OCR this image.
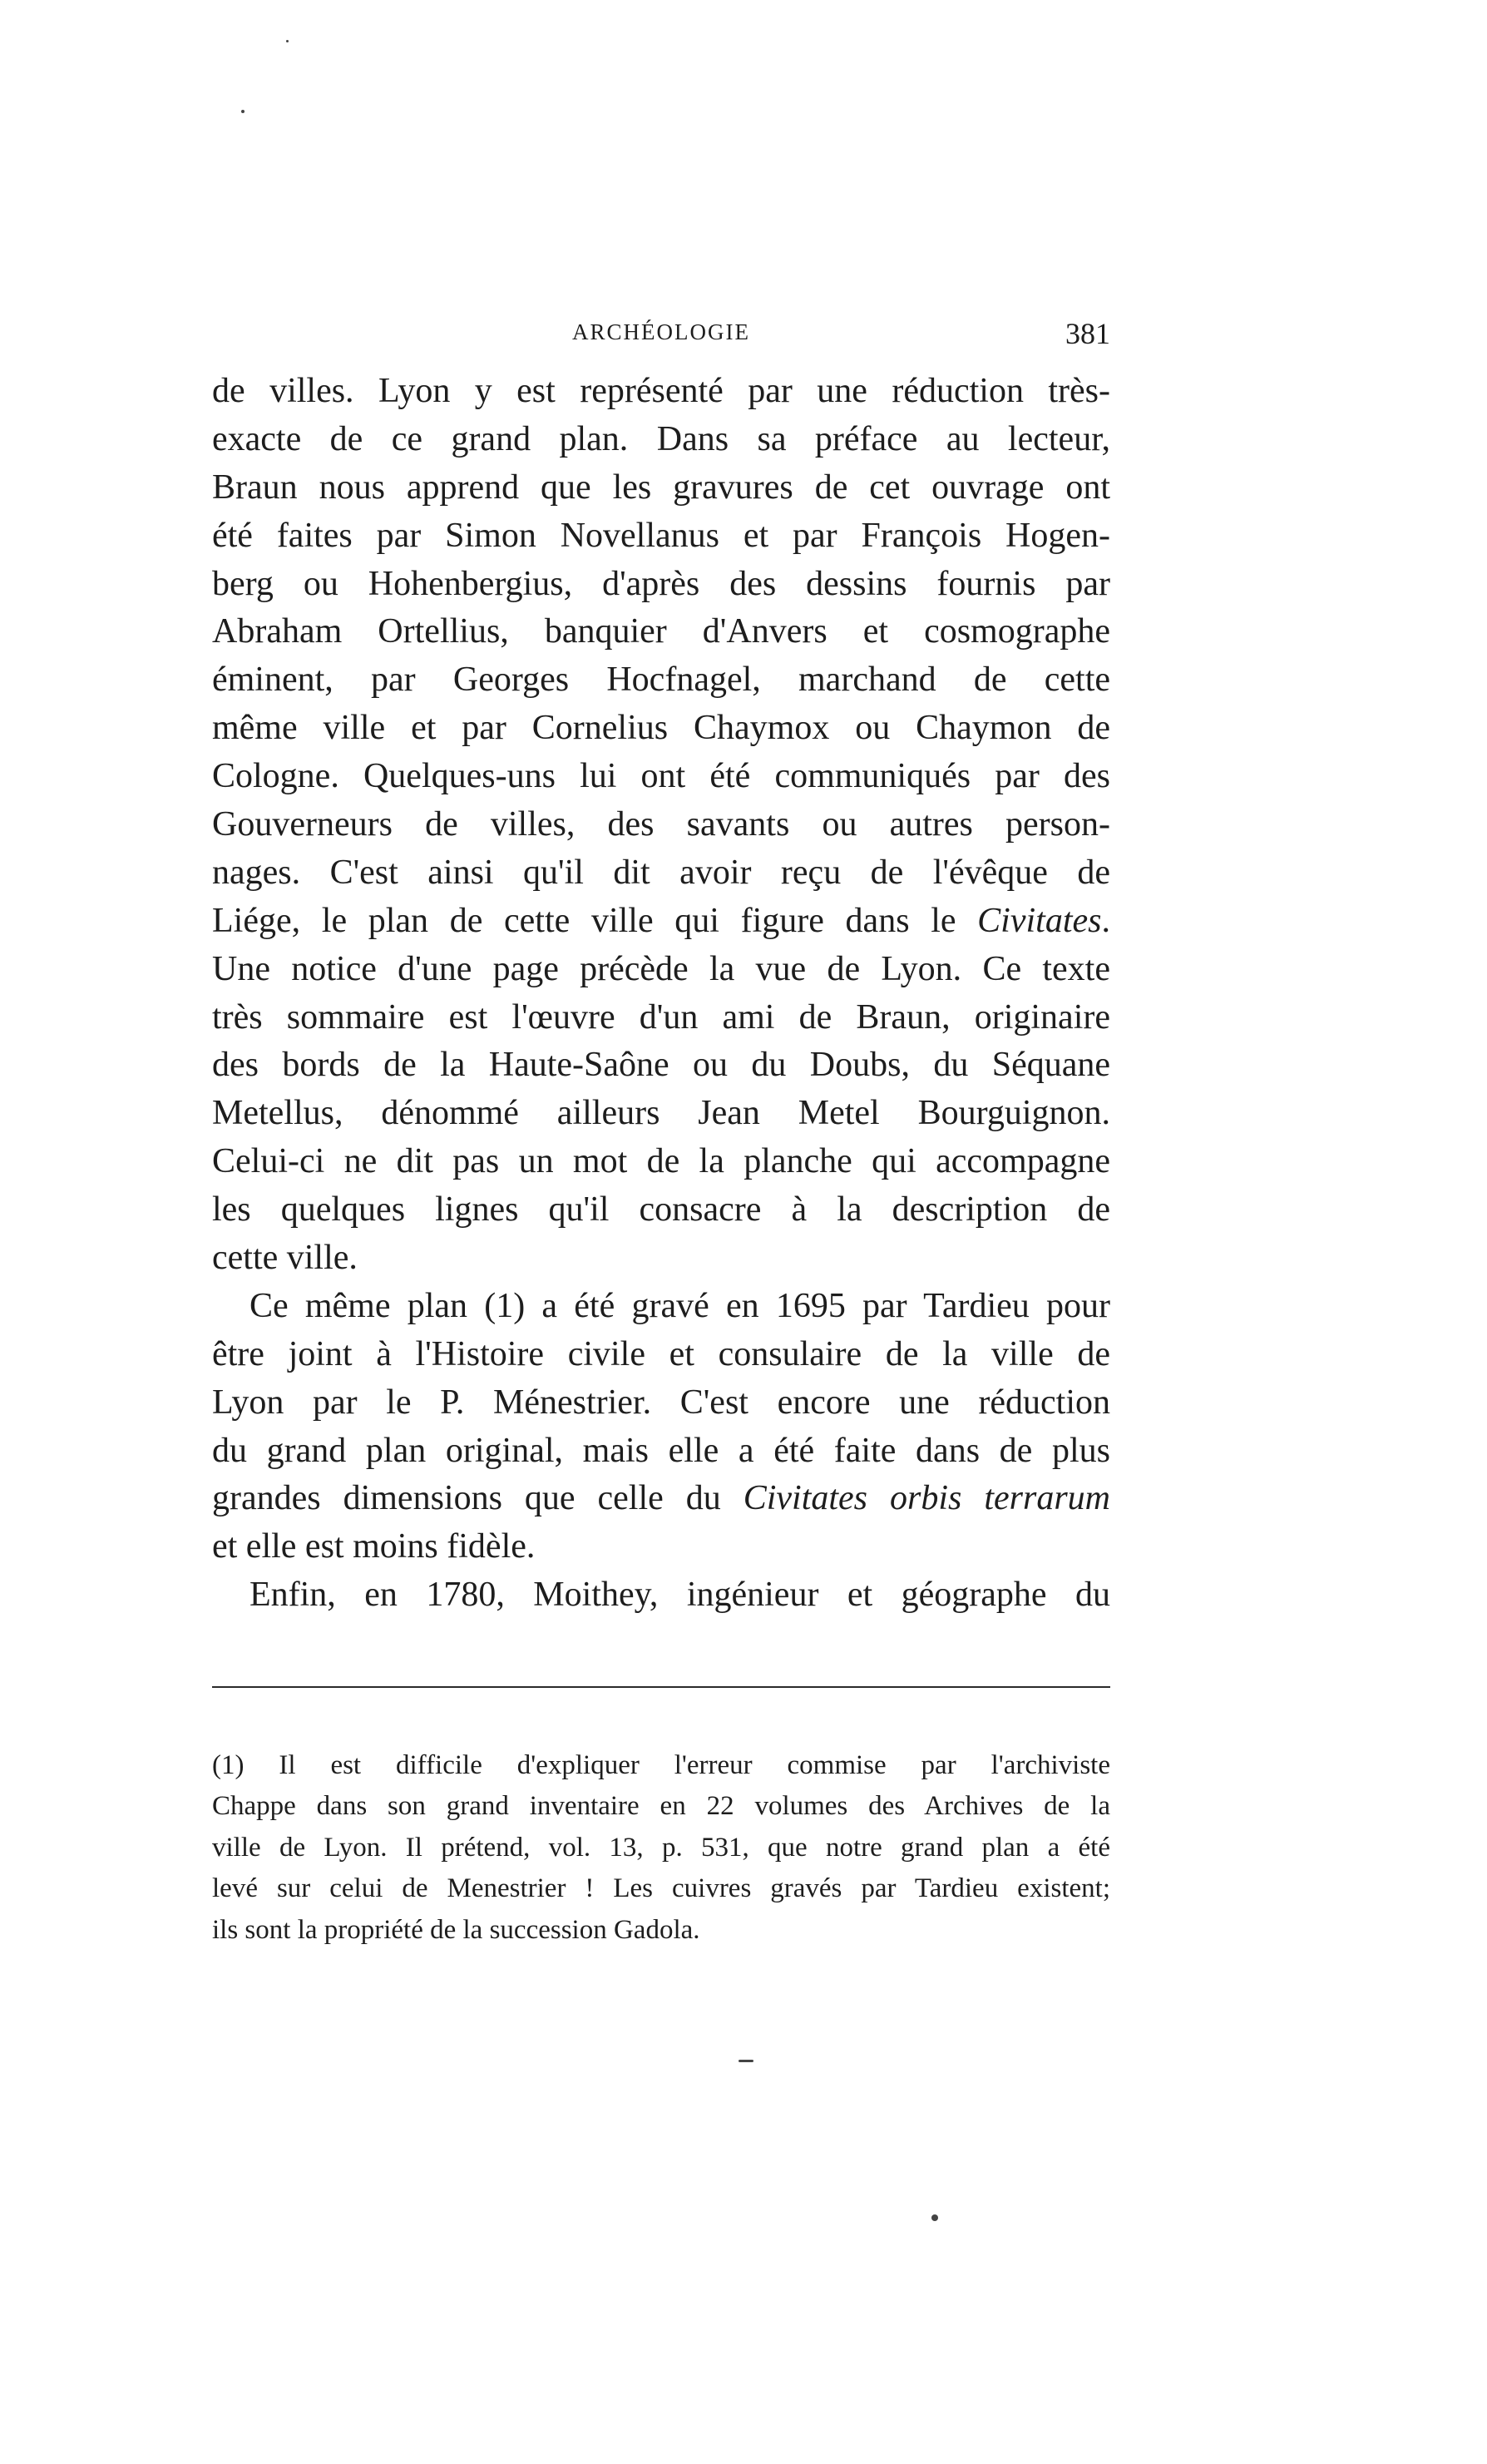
ARCHÉOLOGIE	381
de villes. Lyon y est représenté par une réduction très-
exacte de ce grand plan. Dans sa préface au lecteur,
Braun nous apprend que les gravures de cet ouvrage ont
été faites par Simon Novellanus et par François Hogen-
berg ou Hohenbergius, d'après des dessins fournis par
Abraham Ortellius, banquier d'Anvers et cosmographe
éminent, par Georges Hocfnagel, marchand de cette
même ville et par Cornelius Chaymox ou Chaymon de
Cologne. Quelques-uns lui ont été communiqués par des
Gouverneurs de villes, des savants ou autres person-
nages. C'est ainsi qu'il dit avoir reçu de l'évêque de
Liége, le plan de cette ville qui figure dans le Civitates.
Une notice d'une page précède la vue de Lyon. Ce texte
très sommaire est l'œuvre d'un ami de Braun, originaire
des bords de la Haute-Saône ou du Doubs, du Séquane
Metellus, dénommé ailleurs Jean Metel Bourguignon.
Celui-ci ne dit pas un mot de la planche qui accompagne
les quelques lignes qu'il consacre à la description de
cette ville.
Ce même plan (1) a été gravé en 1695 par Tardieu pour
être joint à l'Histoire civile et consulaire de la ville de
Lyon par le P. Ménestrier. C'est encore une réduction
du grand plan original, mais elle a été faite dans de plus
grandes dimensions que celle du Civitates orbis terrarum
et elle est moins fidèle.
Enfin, en 1780, Moithey, ingénieur et géographe du
(1) Il est difficile d'expliquer l'erreur commise par l'archiviste
Chappe dans son grand inventaire en 22 volumes des Archives de la
ville de Lyon. Il prétend, vol. 13, p. 531, que notre grand plan a été
levé sur celui de Menestrier ! Les cuivres gravés par Tardieu existent;
ils sont la propriété de la succession Gadola.
